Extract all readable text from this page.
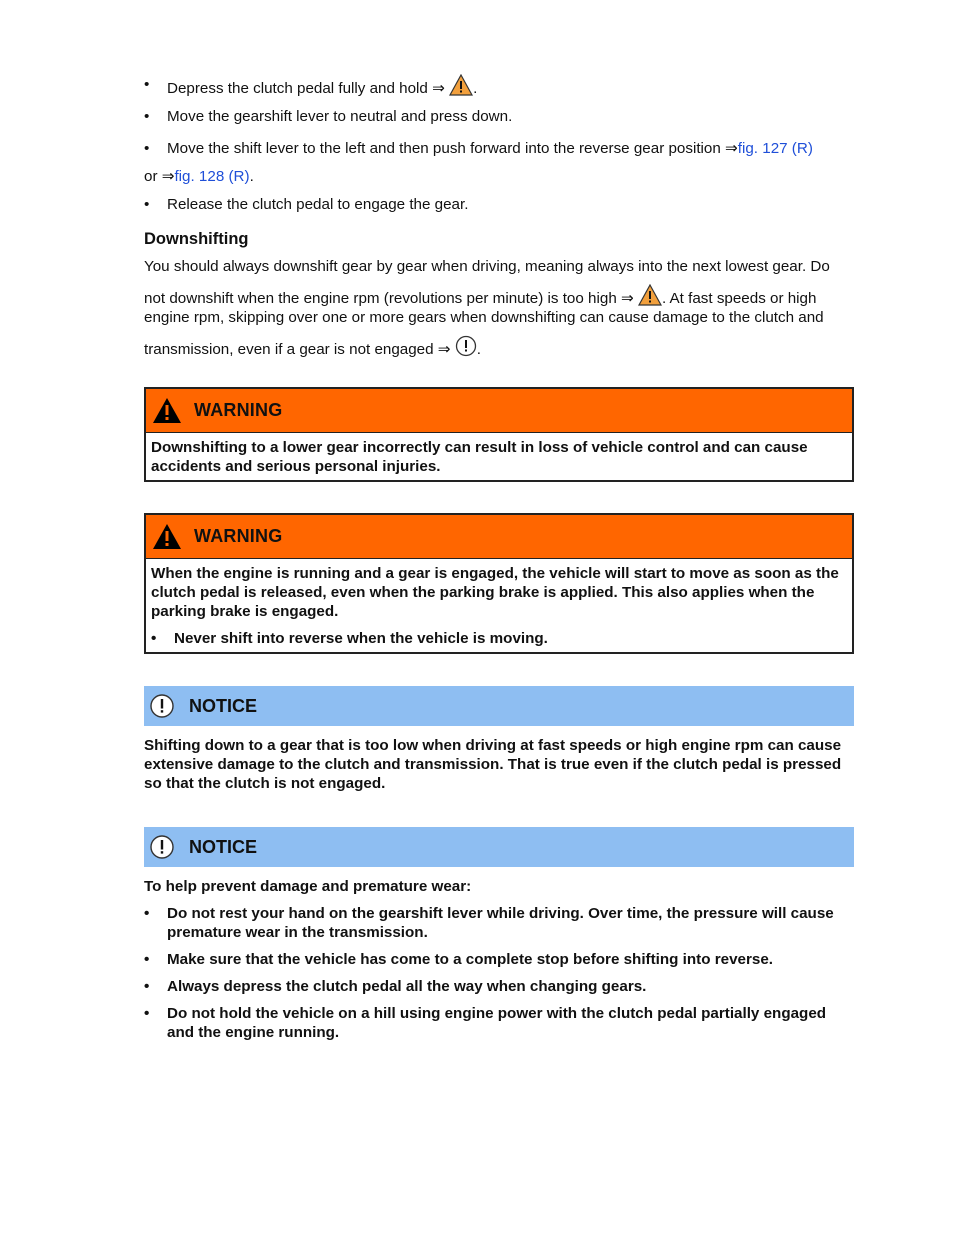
• Depress the clutch pedal fully and hold ⇒ .
• Move the gearshift lever to neutral and press down.
• Move the shift lever to the left and then push forward into the reverse gear position ⇒fig. 127 (R)
or ⇒fig. 128 (R).
• Release the clutch pedal to engage the gear.
Downshifting
You should always downshift gear by gear when driving, meaning always into the next lowest gear. Do
not downshift when the engine rpm (revolutions per minute) is too high ⇒ . At fast speeds or high
engine rpm, skipping over one or more gears when downshifting can cause damage to the clutch and
transmission, even if a gear is not engaged ⇒ .
WARNING
Downshifting to a lower gear incorrectly can result in loss of vehicle control and can cause accidents and serious personal injuries.
WARNING
When the engine is running and a gear is engaged, the vehicle will start to move as soon as the clutch pedal is released, even when the parking brake is applied. This also applies when the parking brake is engaged.
• Never shift into reverse when the vehicle is moving.
NOTICE
Shifting down to a gear that is too low when driving at fast speeds or high engine rpm can cause extensive damage to the clutch and transmission. That is true even if the clutch pedal is pressed so that the clutch is not engaged.
NOTICE
To help prevent damage and premature wear:
• Do not rest your hand on the gearshift lever while driving. Over time, the pressure will cause premature wear in the transmission.
• Make sure that the vehicle has come to a complete stop before shifting into reverse.
• Always depress the clutch pedal all the way when changing gears.
• Do not hold the vehicle on a hill using engine power with the clutch pedal partially engaged and the engine running.
